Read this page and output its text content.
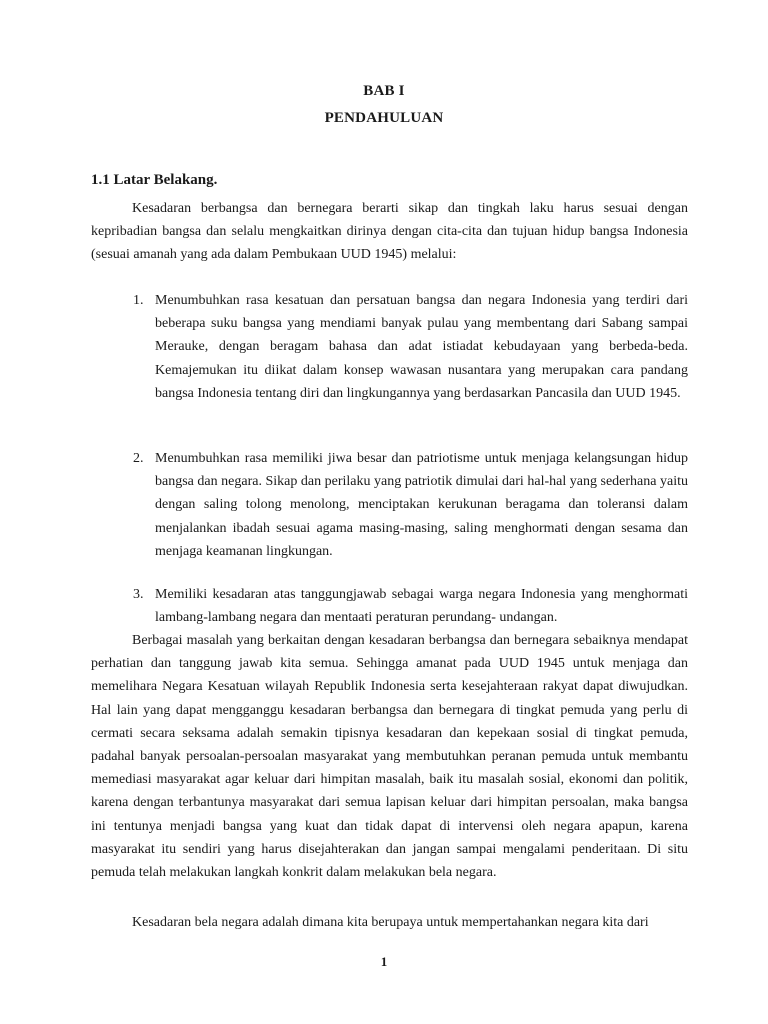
BAB I
PENDAHULUAN
1.1 Latar Belakang.

Kesadaran berbangsa dan bernegara berarti sikap dan tingkah laku harus sesuai dengan kepribadian bangsa dan selalu mengkaitkan dirinya dengan cita-cita dan tujuan hidup bangsa Indonesia (sesuai amanah yang ada dalam Pembukaan UUD 1945) melalui:

1. Menumbuhkan rasa kesatuan dan persatuan bangsa dan negara Indonesia yang terdiri dari beberapa suku bangsa yang mendiami banyak pulau yang membentang dari Sabang sampai Merauke, dengan beragam bahasa dan adat istiadat kebudayaan yang berbeda-beda. Kemajemukan itu diikat dalam konsep wawasan nusantara yang merupakan cara pandang bangsa Indonesia tentang diri dan lingkungannya yang berdasarkan Pancasila dan UUD 1945.

2. Menumbuhkan rasa memiliki jiwa besar dan patriotisme untuk menjaga kelangsungan hidup bangsa dan negara. Sikap dan perilaku yang patriotik dimulai dari hal-hal yang sederhana yaitu dengan saling tolong menolong, menciptakan kerukunan beragama dan toleransi dalam menjalankan ibadah sesuai agama masing-masing, saling menghormati dengan sesama dan menjaga keamanan lingkungan.

3. Memiliki kesadaran atas tanggungjawab sebagai warga negara Indonesia yang menghormati lambang-lambang negara dan mentaati peraturan perundang- undangan.

Berbagai masalah yang berkaitan dengan kesadaran berbangsa dan bernegara sebaiknya mendapat perhatian dan tanggung jawab kita semua. Sehingga amanat pada UUD 1945 untuk menjaga dan memelihara Negara Kesatuan wilayah Republik Indonesia serta kesejahteraan rakyat dapat diwujudkan. Hal lain yang dapat mengganggu kesadaran berbangsa dan bernegara di tingkat pemuda yang perlu di cermati secara seksama adalah semakin tipisnya kesadaran dan kepekaan sosial di tingkat pemuda, padahal banyak persoalan-persoalan masyarakat yang membutuhkan peranan pemuda untuk membantu memediasi masyarakat agar keluar dari himpitan masalah, baik itu masalah sosial, ekonomi dan politik, karena dengan terbantunya masyarakat dari semua lapisan keluar dari himpitan persoalan, maka bangsa ini tentunya menjadi bangsa yang kuat dan tidak dapat di intervensi oleh negara apapun, karena masyarakat itu sendiri yang harus disejahterakan dan jangan sampai mengalami penderitaan. Di situ pemuda telah melakukan langkah konkrit dalam melakukan bela negara.

Kesadaran bela negara adalah dimana kita berupaya untuk mempertahankan negara kita dari

1
